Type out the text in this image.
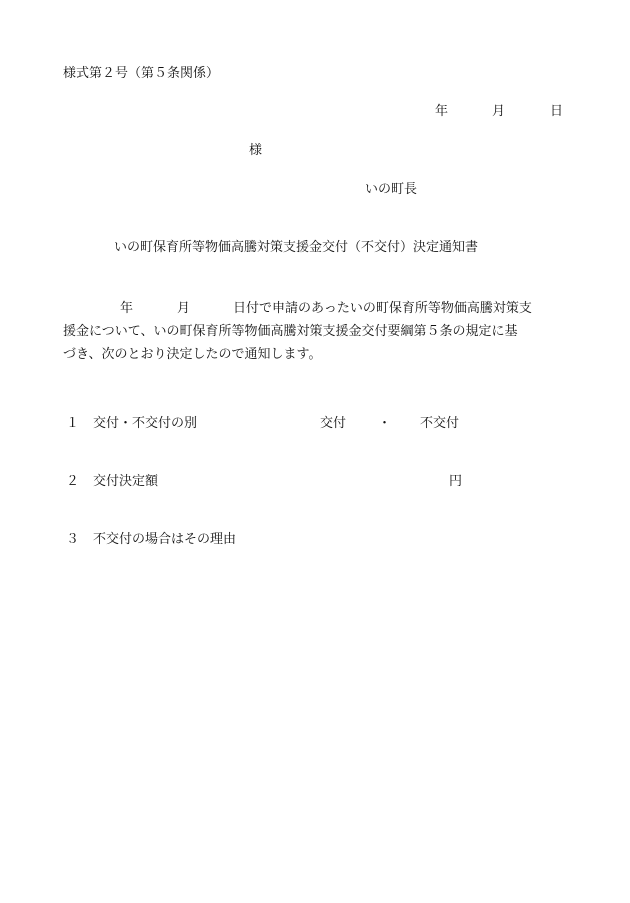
様式第２号（第５条関係）
年	月	日
様
いの町長
いの町保育所等物価高騰対策支援金交付（不交付）決定通知書
年	月	日付で申請のあったいの町保育所等物価高騰対策支
援金について、いの町保育所等物価高騰対策支援金交付要綱第５条の規定に基
づき、次のとおり決定したので通知します。
１ 交付・不交付の別	交付 ・ 不交付
２ 交付決定額	円
３ 不交付の場合はその理由
